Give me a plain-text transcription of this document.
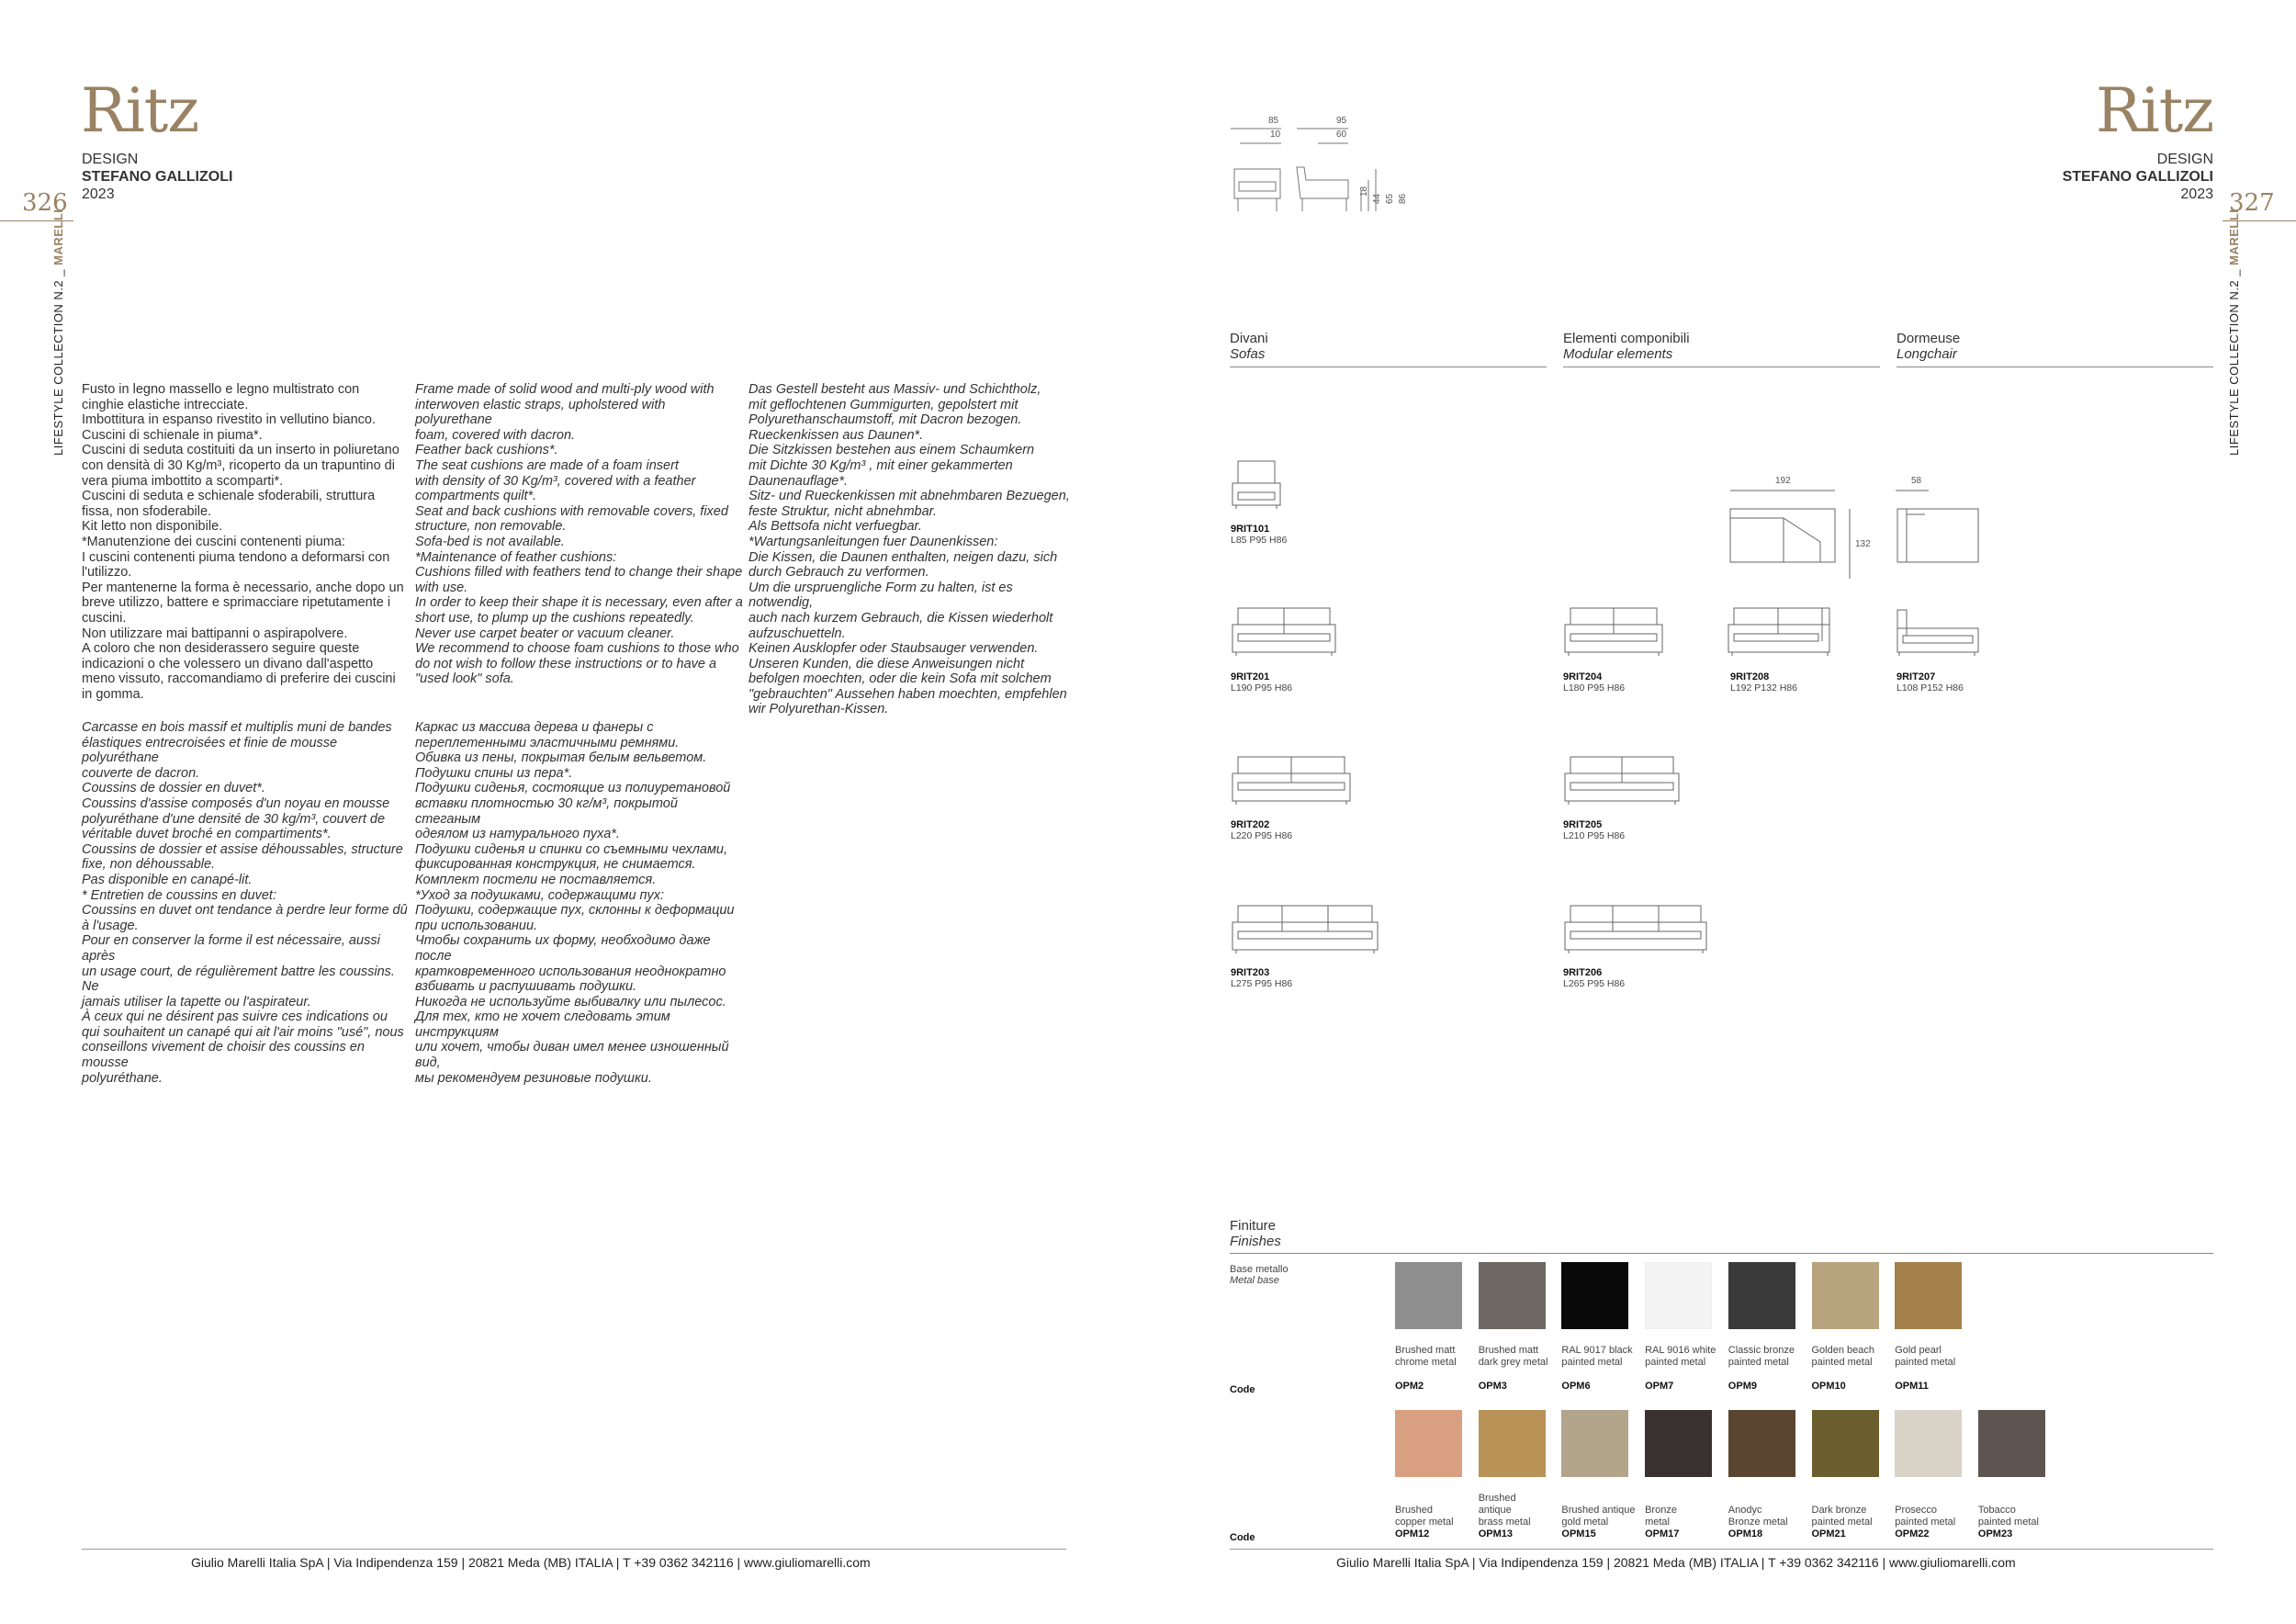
Ritz
DESIGN
STEFANO GALLIZOLI
2023
326
LIFESTYLE COLLECTION N.2 _ MARELLI
Fusto in legno massello e legno multistrato con
cinghie elastiche intrecciate.
Imbottitura in espanso rivestito in vellutino bianco.
Cuscini di schienale in piuma*.
Cuscini di seduta costituiti da un inserto in poliuretano
con densità di 30 Kg/m³, ricoperto da un trapuntino di
vera piuma imbottito a scomparti*.
Cuscini di seduta e schienale sfoderabili, struttura
fissa, non sfoderabile.
Kit letto non disponibile.
*Manutenzione dei cuscini contenenti piuma:
I cuscini contenenti piuma tendono a deformarsi con
l'utilizzo.
Per mantenerne la forma è necessario, anche dopo un
breve utilizzo, battere e sprimacciare ripetutamente i
cuscini.
Non utilizzare mai battipanni o aspirapolvere.
A coloro che non desiderassero seguire queste
indicazioni o che volessero un divano dall'aspetto
meno vissuto, raccomandiamo di preferire dei cuscini
in gomma.
Frame made of solid wood and multi-ply wood with
interwoven elastic straps, upholstered with polyurethane
foam, covered with dacron.
Feather back cushions*.
The seat cushions are made of a foam insert
with density of 30 Kg/m³, covered with a feather
compartments quilt*.
Seat and back cushions with removable covers, fixed
structure, non removable.
Sofa-bed is not available.
*Maintenance of feather cushions:
Cushions filled with feathers tend to change their shape
with use.
In order to keep their shape it is necessary, even after a
short use, to plump up the cushions repeatedly.
Never use carpet beater or vacuum cleaner.
We recommend to choose foam cushions to those who
do not wish to follow these instructions or to have a
"used look" sofa.
Das Gestell besteht aus Massiv- und Schichtholz,
mit geflochtenen Gummigurten, gepolstert mit
Polyurethanschaumstoff, mit Dacron bezogen.
Rueckenkissen aus Daunen*.
Die Sitzkissen bestehen aus einem Schaumkern
mit Dichte 30 Kg/m³ , mit einer gekammerten
Daunenauflage*.
Sitz- und Rueckenkissen mit abnehmbaren Bezuegen,
feste Struktur, nicht abnehmbar.
Als Bettsofa nicht verfuegbar.
*Wartungsanleitungen fuer Daunenkissen:
Die Kissen, die Daunen enthalten, neigen dazu, sich
durch Gebrauch zu verformen.
Um die urspruengliche Form zu halten, ist es notwendig,
auch nach kurzem Gebrauch, die Kissen wiederholt
aufzuschuetteln.
Keinen Ausklopfer oder Staubsauger verwenden.
Unseren Kunden, die diese Anweisungen nicht
befolgen moechten, oder die kein Sofa mit solchem
"gebrauchten" Aussehen haben moechten, empfehlen
wir Polyurethan-Kissen.
Carcasse en bois massif et multiplis muni de bandes
élastiques entrecroisées et finie de mousse polyuréthane
couverte de dacron.
Coussins de dossier en duvet*.
Coussins d'assise composés d'un noyau en mousse
polyuréthane d'une densité de 30 kg/m³, couvert de
véritable duvet broché en compartiments*.
Coussins de dossier et assise déhoussables, structure
fixe, non déhoussable.
Pas disponible en canapé-lit.
* Entretien de coussins en duvet:
Coussins en duvet ont tendance à perdre leur forme dû
à l'usage.
Pour en conserver la forme il est nécessaire, aussi après
un usage court, de régulièrement battre les coussins. Ne
jamais utiliser la tapette ou l'aspirateur.
À ceux qui ne désirent pas suivre ces indications ou
qui souhaitent un canapé qui ait l'air moins "usé", nous
conseillons vivement de choisir des coussins en mousse
polyuréthane.
Каркас из массива дерева и фанеры с
переплетенными эластичными ремнями.
Обивка из пены, покрытая белым вельветом.
Подушки спины из пера*.
Подушки сиденья, состоящие из полиуретановой
вставки плотностью 30 кг/м³, покрытой стеганым
одеялом из натурального пуха*.
Подушки сиденья и спинки со съемными чехлами,
фиксированная конструкция, не снимается.
Комплект постели не поставляется.
*Уход за подушками, содержащими пух:
Подушки, содержащие пух, склонны к деформации
при использовании.
Чтобы сохранить их форму, необходимо даже после
кратковременного использования неоднократно
взбивать и распушивать подушки.
Никогда не используйте выбивалку или пылесос.
Для тех, кто не хочет следовать этим инструкциям
или хочет, чтобы диван имел менее изношенный вид,
мы рекомендуем резиновые подушки.
Giulio Marelli Italia SpA | Via Indipendenza 159 | 20821 Meda (MB) ITALIA | T +39 0362 342116 | www.giuliomarelli.com
Ritz
DESIGN
STEFANO GALLIZOLI
2023 327
LIFESTYLE COLLECTION N.2 _ MARELLI
85
10
95
60
18
44 65 86
Divani
Sofas
Elementi componibili
Modular elements
Dormeuse
Longchair
9RIT101
L85 P95 H86
9RIT201
L190 P95 H86
9RIT202
L220 P95 H86
9RIT203
L275 P95 H86
9RIT204
L180 P95 H86
9RIT205
L210 P95 H86
9RIT206
L265 P95 H86
192
132
9RIT208
L192 P132 H86
58
9RIT207
L108 P152 H86
Finiture
Finishes
Base metallo
Metal base
Code
Code
Brushed matt
chrome metal
OPM2
Brushed matt
dark grey metal
OPM3
RAL 9017 black
painted metal
OPM6
RAL 9016 white
painted metal
OPM7
Classic bronze
painted metal
OPM9
Golden beach
painted metal
OPM10
Gold pearl
painted metal
OPM11
Brushed
copper metal
OPM12
Brushed
antique
brass metal
OPM13
Brushed antique
gold metal
OPM15
Bronze
metal
OPM17
Anodyc
Bronze metal
OPM18
Dark bronze
painted metal
OPM21
Prosecco
painted metal
OPM22
Tobacco
painted metal
OPM23
Giulio Marelli Italia SpA | Via Indipendenza 159 | 20821 Meda (MB) ITALIA | T +39 0362 342116 | www.giuliomarelli.com
